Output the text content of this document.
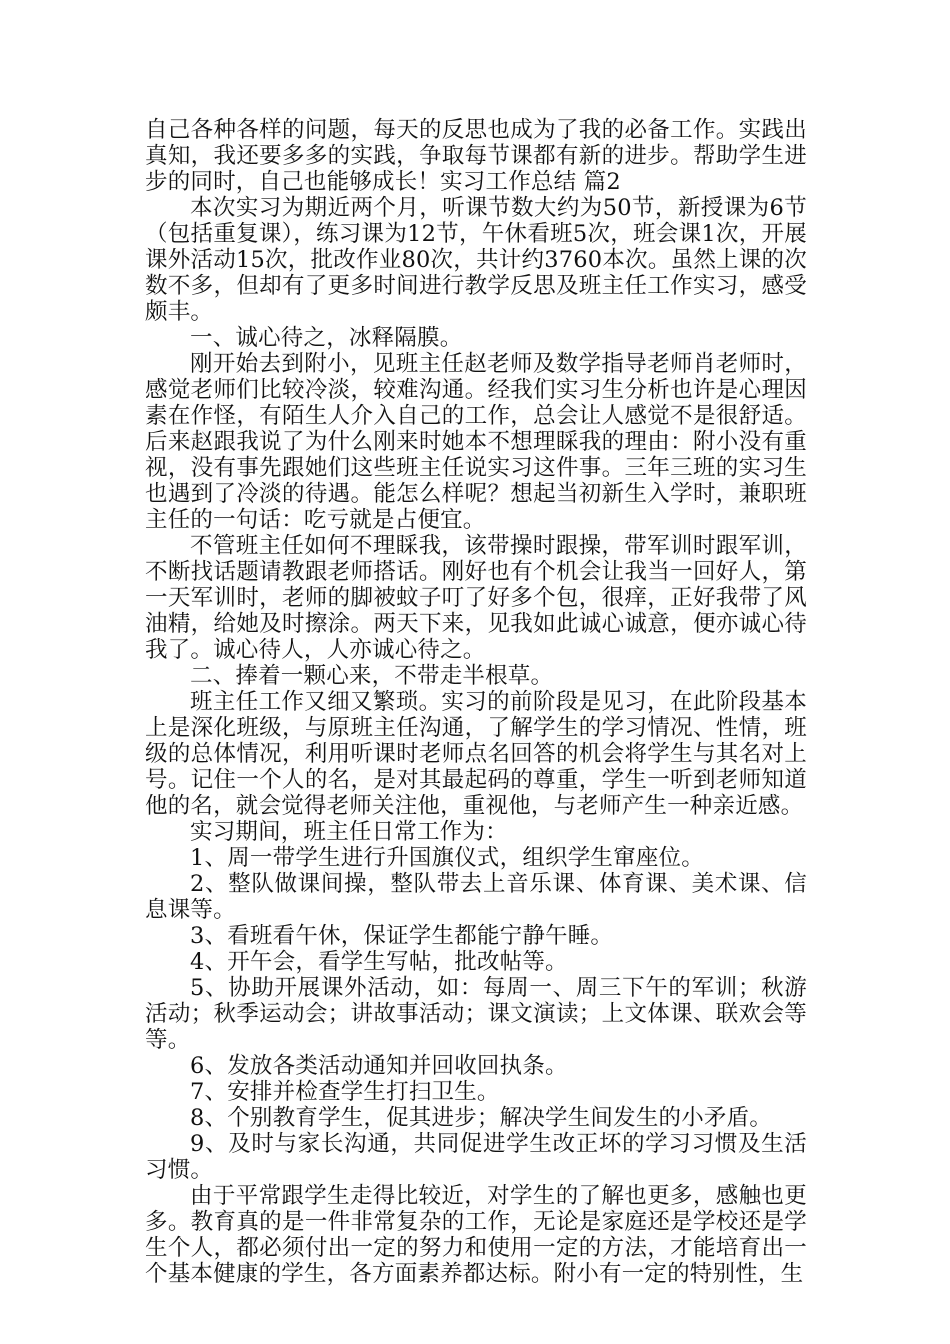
自己各种各样的问题，每天的反思也成为了我的必备工作。实践出真知，我还要多多的实践，争取每节课都有新的进步。帮助学生进步的同时，自己也能够成长！实习工作总结 篇2

本次实习为期近两个月，听课节数大约为50节，新授课为6节（包括重复课），练习课为12节，午休看班5次，班会课1次，开展课外活动15次，批改作业80次，共计约3760本次。虽然上课的次数不多，但却有了更多时间进行教学反思及班主任工作实习，感受颇丰。

一、诚心待之，冰释隔膜。

刚开始去到附小，见班主任赵老师及数学指导老师肖老师时，感觉老师们比较冷淡，较难沟通。经我们实习生分析也许是心理因素在作怪，有陌生人介入自己的工作，总会让人感觉不是很舒适。后来赵跟我说了为什么刚来时她本不想理睬我的理由：附小没有重视，没有事先跟她们这些班主任说实习这件事。三年三班的实习生也遇到了冷淡的待遇。能怎么样呢？想起当初新生入学时，兼职班主任的一句话：吃亏就是占便宜。

不管班主任如何不理睬我，该带操时跟操，带军训时跟军训，不断找话题请教跟老师搭话。刚好也有个机会让我当一回好人，第一天军训时，老师的脚被蚊子叮了好多个包，很痒，正好我带了风油精，给她及时擦涂。两天下来，见我如此诚心诚意，便亦诚心待我了。诚心待人，人亦诚心待之。

二、捧着一颗心来，不带走半根草。

班主任工作又细又繁琐。实习的前阶段是见习，在此阶段基本上是深化班级，与原班主任沟通，了解学生的学习情况、性情，班级的总体情况，利用听课时老师点名回答的机会将学生与其名对上号。记住一个人的名，是对其最起码的尊重，学生一听到老师知道他的名，就会觉得老师关注他，重视他，与老师产生一种亲近感。

实习期间，班主任日常工作为：

1、周一带学生进行升国旗仪式，组织学生窜座位。

2、整队做课间操，整队带去上音乐课、体育课、美术课、信息课等。

3、看班看午休，保证学生都能宁静午睡。

4、开午会，看学生写帖，批改帖等。

5、协助开展课外活动，如：每周一、周三下午的军训；秋游活动；秋季运动会；讲故事活动；课文演读；上文体课、联欢会等等。

6、发放各类活动通知并回收回执条。

7、安排并检查学生打扫卫生。

8、个别教育学生，促其进步；解决学生间发生的小矛盾。

9、及时与家长沟通，共同促进学生改正坏的学习习惯及生活习惯。

由于平常跟学生走得比较近，对学生的了解也更多，感触也更多。教育真的是一件非常复杂的工作，无论是家庭还是学校还是学生个人，都必须付出一定的努力和使用一定的方法，才能培育出一个基本健康的学生，各方面素养都达标。附小有一定的特别性，生
